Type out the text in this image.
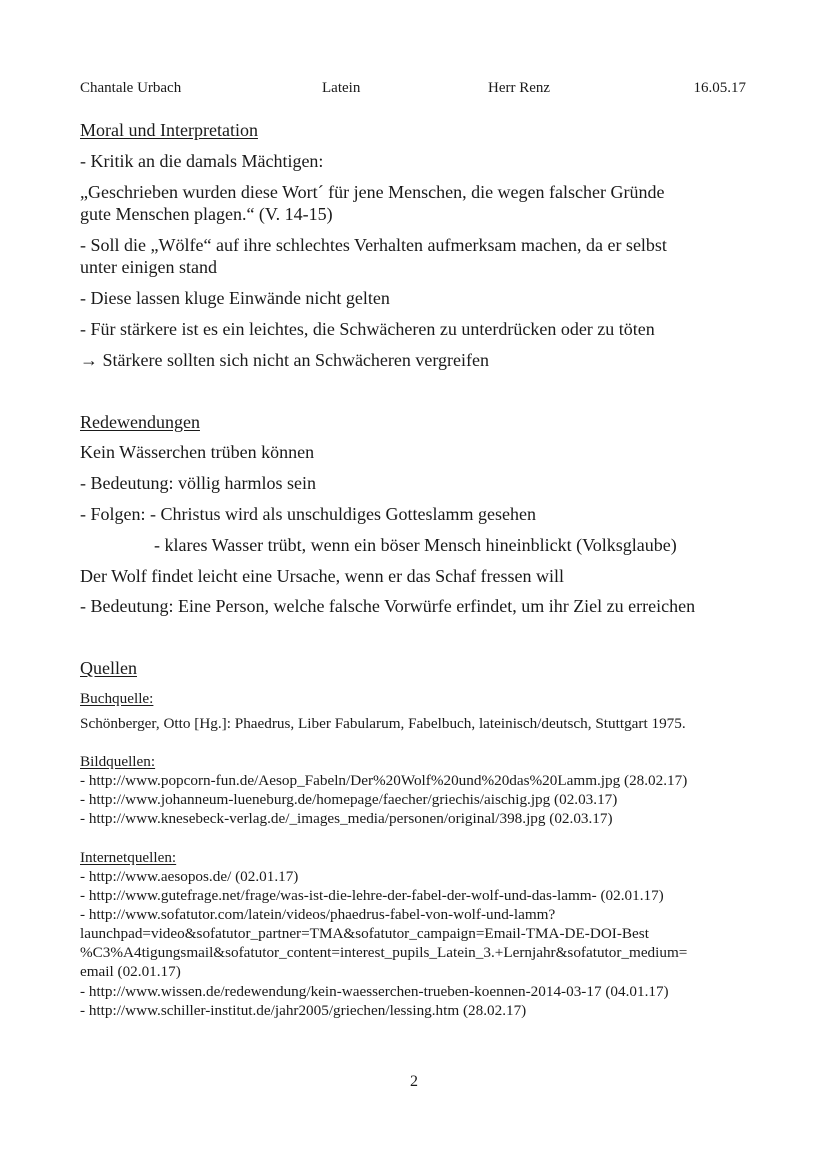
Chantale Urbach	Latein	Herr Renz	16.05.17
Moral und Interpretation
- Kritik an die damals Mächtigen:
„Geschrieben wurden diese Wort´ für jene Menschen, die wegen falscher Gründe
gute Menschen plagen.“ (V. 14-15)
- Soll die „Wölfe“ auf ihre schlechtes Verhalten aufmerksam machen, da er selbst
unter einigen stand
- Diese lassen kluge Einwände nicht gelten
- Für stärkere ist es ein leichtes, die Schwächeren zu unterdrücken oder zu töten
→ Stärkere sollten sich nicht an Schwächeren vergreifen
Redewendungen
Kein Wässerchen trüben können
- Bedeutung: völlig harmlos sein
- Folgen: - Christus wird als unschuldiges Gotteslamm gesehen
- klares Wasser trübt, wenn ein böser Mensch hineinblickt (Volksglaube)
Der Wolf findet leicht eine Ursache, wenn er das Schaf fressen will
- Bedeutung: Eine Person, welche falsche Vorwürfe erfindet, um ihr Ziel zu erreichen
Quellen
Buchquelle:
Schönberger, Otto [Hg.]: Phaedrus, Liber Fabularum, Fabelbuch, lateinisch/deutsch, Stuttgart 1975.
Bildquellen:
- http://www.popcorn-fun.de/Aesop_Fabeln/Der%20Wolf%20und%20das%20Lamm.jpg (28.02.17)
- http://www.johanneum-lueneburg.de/homepage/faecher/griechis/aischig.jpg (02.03.17)
- http://www.knesebeck-verlag.de/_images_media/personen/original/398.jpg (02.03.17)
Internetquellen:
- http://www.aesopos.de/ (02.01.17)
- http://www.gutefrage.net/frage/was-ist-die-lehre-der-fabel-der-wolf-und-das-lamm- (02.01.17)
- http://www.sofatutor.com/latein/videos/phaedrus-fabel-von-wolf-und-lamm?
launchpad=video&sofatutor_partner=TMA&sofatutor_campaign=Email-TMA-DE-DOI-Best
%C3%A4tigungsmail&sofatutor_content=interest_pupils_Latein_3.+Lernjahr&sofatutor_medium=
email (02.01.17)
- http://www.wissen.de/redewendung/kein-waesserchen-trueben-koennen-2014-03-17 (04.01.17)
- http://www.schiller-institut.de/jahr2005/griechen/lessing.htm (28.02.17)
2
